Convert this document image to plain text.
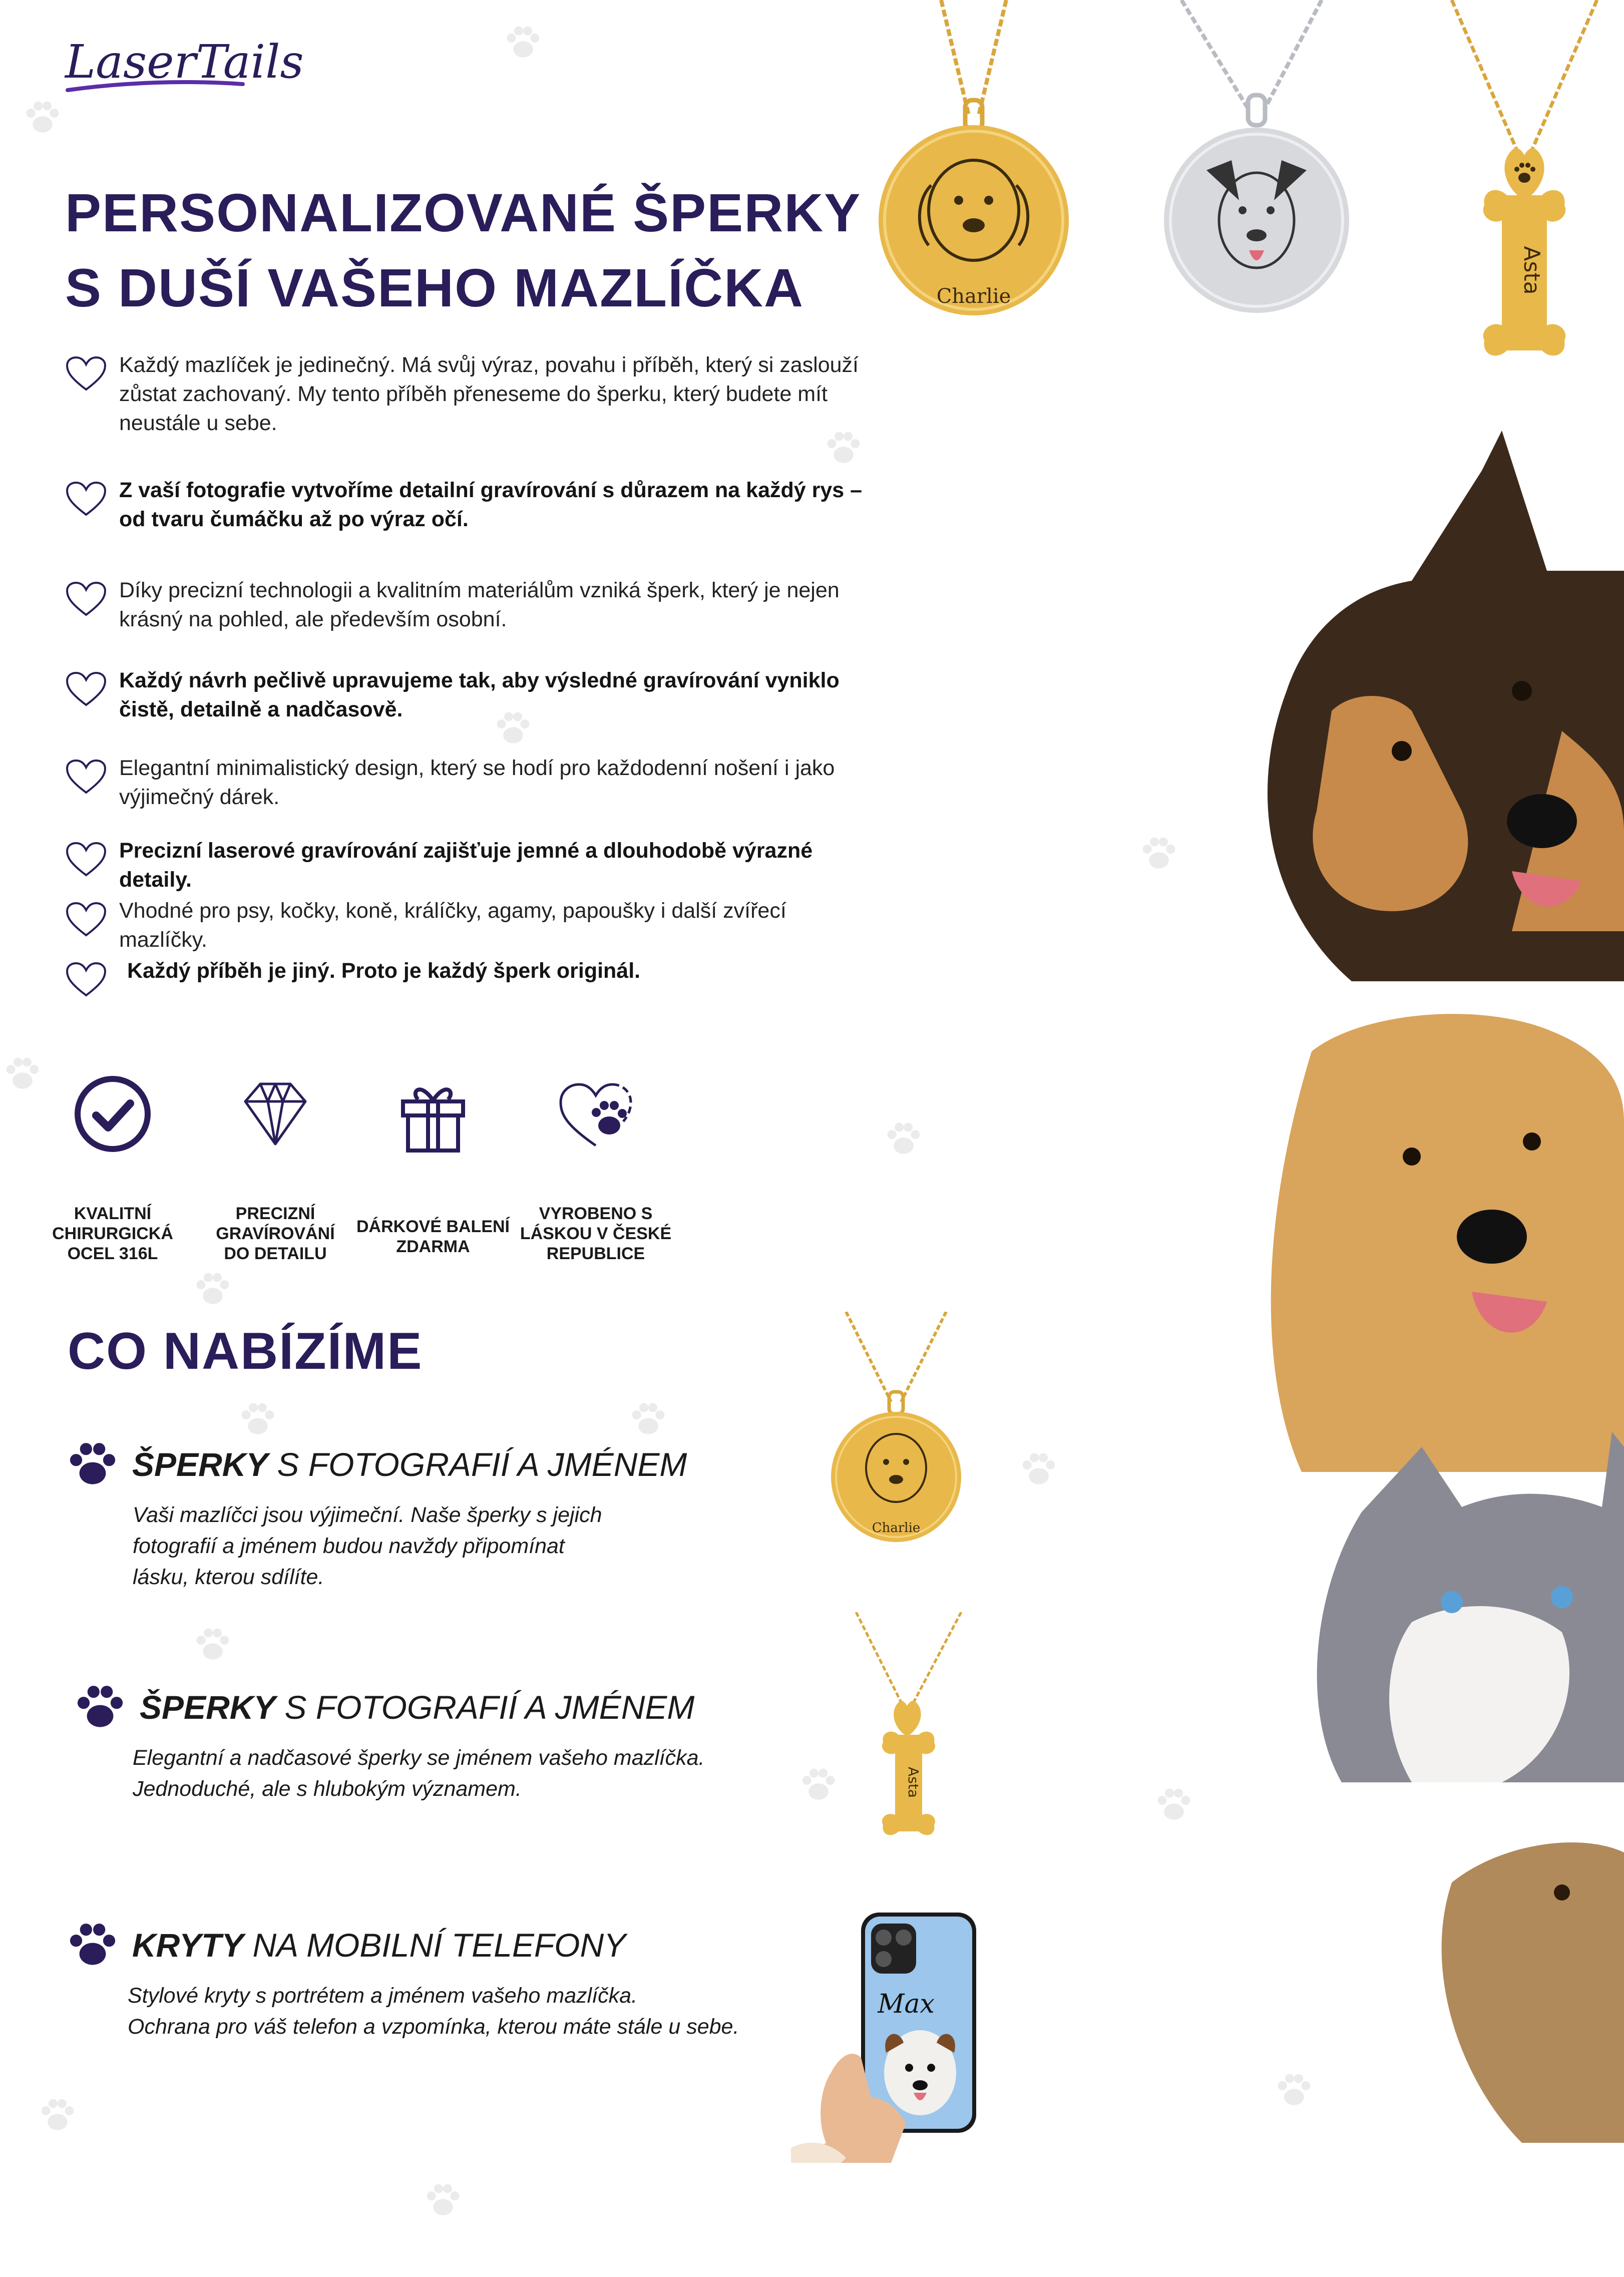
LaserTails
PERSONALIZOVANÉ ŠPERKY
S DUŠÍ VAŠEHO MAZLÍČKA
Každý mazlíček je jedinečný. Má svůj výraz, povahu i příběh, který si zaslouží zůstat zachovaný. My tento příběh přeneseme do šperku, který budete mít neustále u sebe.
Z vaší fotografie vytvoříme detailní gravírování s důrazem na každý rys – od tvaru čumáčku až po výraz očí.
Díky precizní technologii a kvalitním materiálům vzniká šperk, který je nejen krásný na pohled, ale především osobní.
Každý návrh pečlivě upravujeme tak, aby výsledné gravírování vyniklo čistě, detailně a nadčasově.
Elegantní minimalistický design, který se hodí pro každodenní nošení i jako výjimečný dárek.
Precizní laserové gravírování zajišťuje jemné a dlouhodobě výrazné detaily.
Vhodné pro psy, kočky, koně, králíčky, agamy, papoušky i další zvířecí mazlíčky.
Každý příběh je jiný. Proto je každý šperk originál.
KVALITNÍ
CHIRURGICKÁ
OCEL 316L
PRECIZNÍ
GRAVÍROVÁNÍ
DO DETAILU
DÁRKOVÉ BALENÍ
ZDARMA
VYROBENO S
LÁSKOU V ČESKÉ
REPUBLICE
CO NABÍZÍME
ŠPERKY S FOTOGRAFIÍ A JMÉNEM
Vaši mazlíčci jsou výjimeční. Naše šperky s jejich
fotografií a jménem budou navždy připomínat
lásku, kterou sdílíte.
ŠPERKY S FOTOGRAFIÍ A JMÉNEM
Elegantní a nadčasové šperky se jménem vašeho mazlíčka.
Jednoduché, ale s hlubokým významem.
KRYTY NA MOBILNÍ TELEFONY
Stylové kryty s portrétem a jménem vašeho mazlíčka.
Ochrana pro váš telefon a vzpomínka, kterou máte stále u sebe.
Charlie
Asta
Charlie
Asta
Max
